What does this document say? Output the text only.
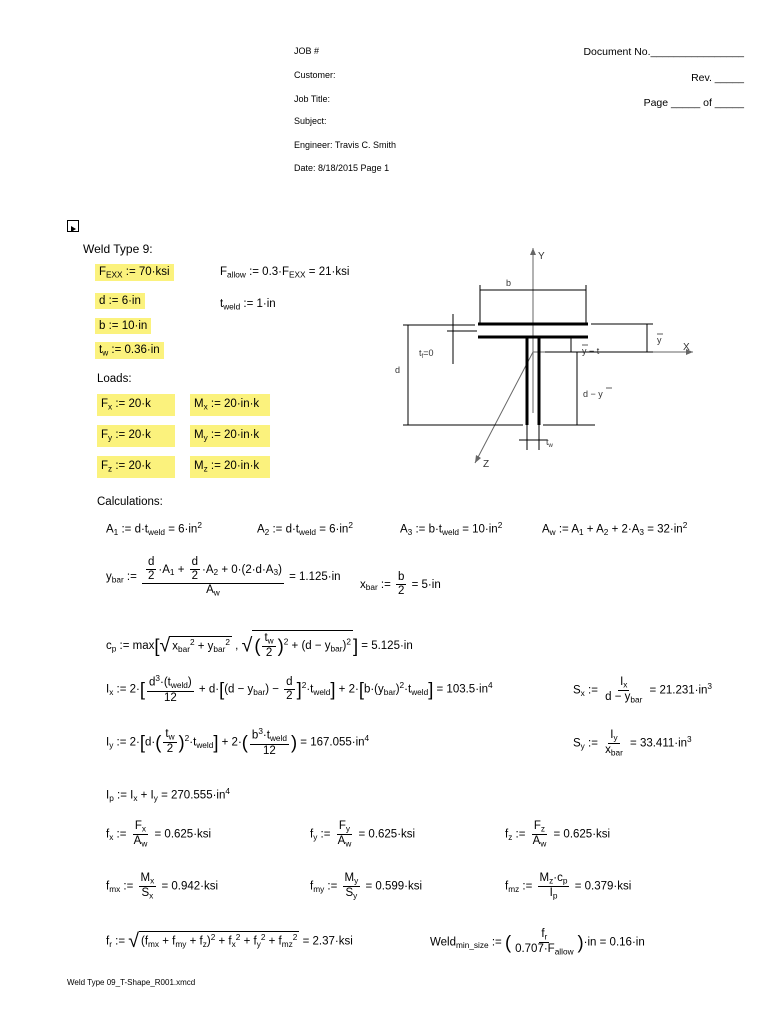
JOB #
Customer:
Job Title:
Subject:
Engineer: Travis C. Smith
Date: 8/18/2015 Page 1
Document No.________________
Rev. _____
Page _____ of _____
Weld Type 9:
$F_{EXX}$ := 70·ksi
d := 6·in
b := 10·in
$t_w$ := 0.36·in
$F_{allow}$ := $0.3\cdot F_{EXX} = 21\cdot ksi$
$t_{weld}$ := 1·in
Loads:
$F_x$ := 20·k
$F_y$ := 20·k
$F_z$ := 20·k
$M_x$ := 20·in·k
$M_y$ := 20·in·k
$M_z$ := 20·in·k
Y
X
Z
b
d
$t_f=0$
y
y − t
d − y
$t_w$
Calculations:
$A_1$ := $d\cdot t_{weld} = 6\cdot in^2$	$A_2$ := $d\cdot t_{weld} = 6\cdot in^2$	$A_3$ := $b\cdot t_{weld} = 10\cdot in^2$	$A_w$ := $A_1 + A_2 + 2\cdot A_3 = 32\cdot in^2$
$y_{bar}$ := $\frac{\frac{d}{2} \cdot A_1 + \frac{d}{2} \cdot A_2 + 0\cdot(2\cdot d\cdot A_3)}{A_w} = 1.125\cdot in$
$x_{bar}$ := $\frac{b}{2} = 5\cdot in$
$c_p$ := max[√ $x_{bar}^2 + y_{bar}^2$ , √ ( $\frac{t_w}{2} )^2 + (d - y_{bar})^2$ ] = 5.125·in
$I_x$ := $2\cdot[ \frac{d^3\cdot(t_{weld})}{12} + d\cdot[(d - y_{bar}) - \frac{d}{2} ]^2\cdot t_{weld}] + 2\cdot[b\cdot(y_{bar})^2\cdot t_{weld}] = 103.5\cdot in^4$	$S_x$ := $\frac{I_x}{d - y_{bar}} = 21.231\cdot in^3$
$I_y$ := $2\cdot[d\cdot( \frac{t_w}{2} )^2\cdot t_{weld}] + 2\cdot( \frac{b^3\cdot t_{weld}}{12}$ ) = $167.055\cdot in^4$	$S_y$ := $\frac{I_y}{x_{bar}} = 33.411\cdot in^3$
$I_p$ := $I_x + I_y = 270.555\cdot in^4$
$f_x$ := $\frac{F_x}{A_w} = 0.625\cdot ksi$	$f_y$ := $\frac{F_y}{A_w} = 0.625\cdot ksi$	$f_z$ := $\frac{F_z}{A_w} = 0.625\cdot ksi$
$f_{mx}$ := $\frac{M_x}{S_x} = 0.942\cdot ksi$	$f_{my}$ := $\frac{M_y}{S_y} = 0.599\cdot ksi$	$f_{mz}$ := $\frac{M_z\cdot c_p}{I_p} = 0.379\cdot ksi$
$f_r$ := √ $(f_{mx} + f_{my} + f_z)^2 + f_x^2 + f_y^2 + f_{mz}^2 = 2.37\cdot ksi$	Weld$_{min\_size}$ := ( $\frac{f_r}{0.707\cdot F_{allow}} )\cdot in = 0.16\cdot in$
Weld Type 09_T-Shape_R001.xmcd
